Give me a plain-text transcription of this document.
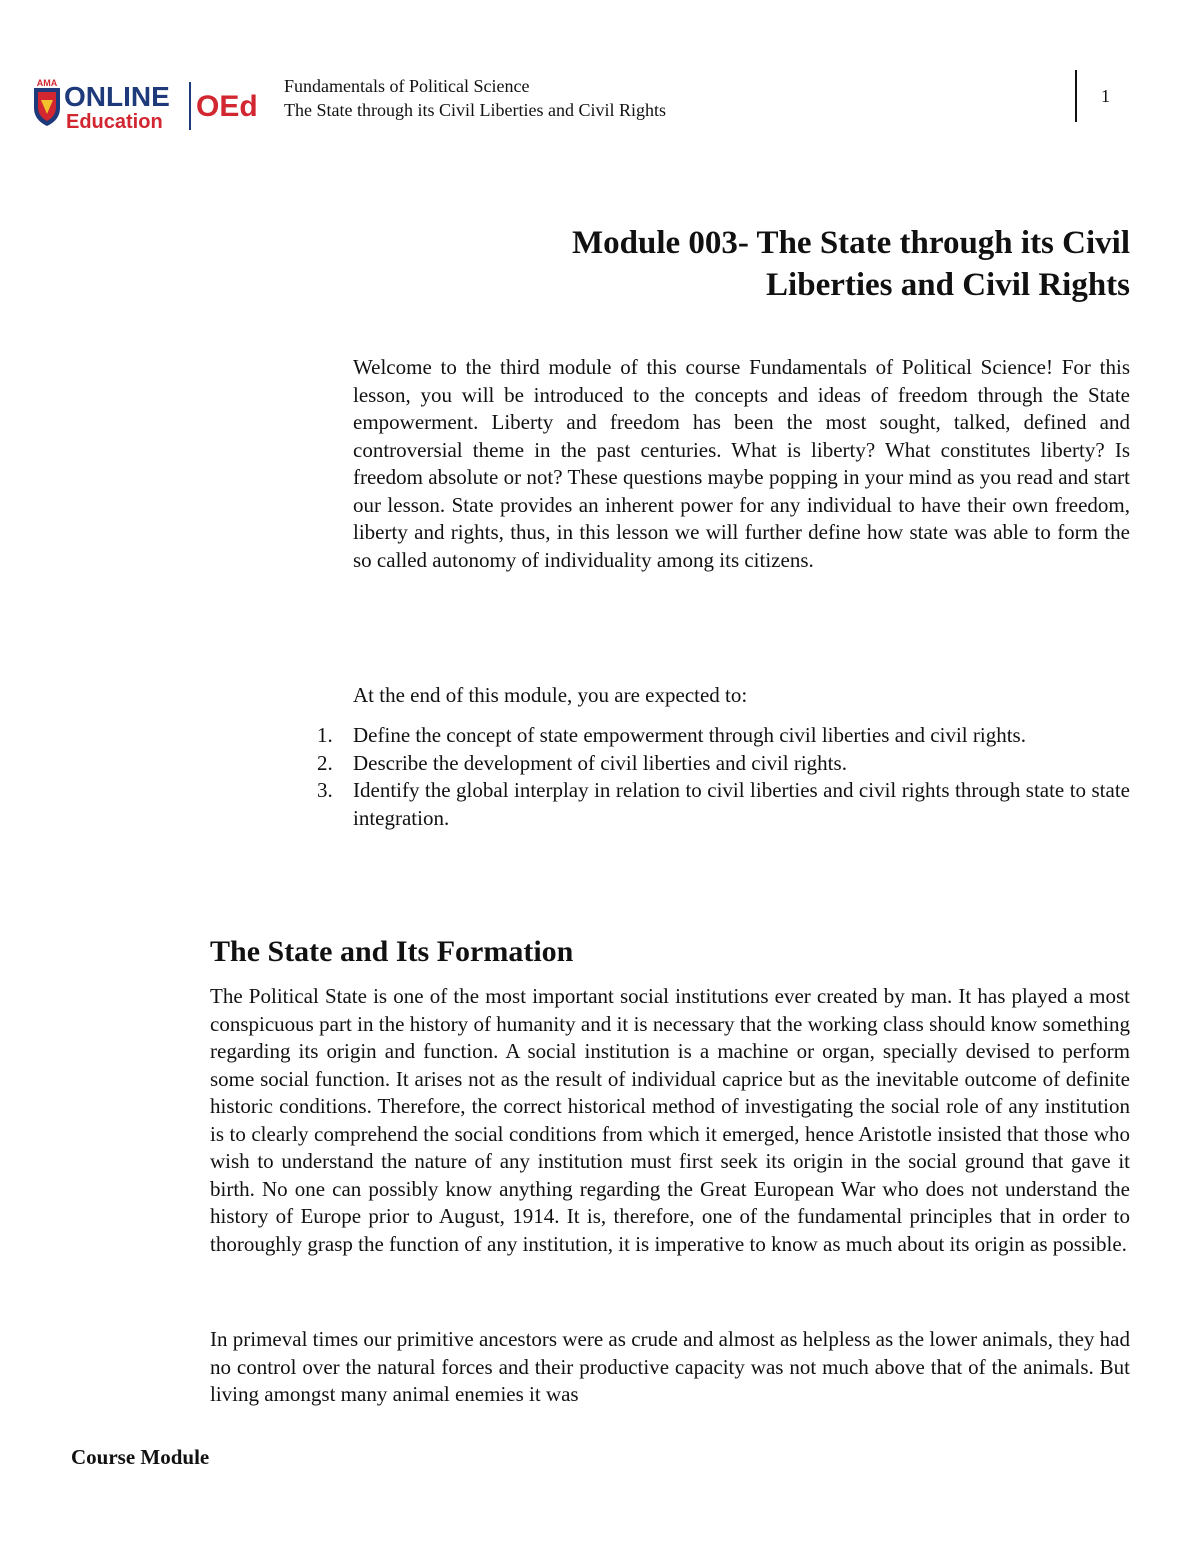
AMA ONLINE
Education OEd
Fundamentals of Political Science
The State through its Civil Liberties and Civil Rights
1
Module 003- The State through its Civil
Liberties and Civil Rights

Welcome to the third module of this course Fundamentals of Political Science! For this lesson, you will be introduced to the concepts and ideas of freedom through the State empowerment. Liberty and freedom has been the most sought, talked, defined and controversial theme in the past centuries. What is liberty? What constitutes liberty? Is freedom absolute or not? These questions maybe popping in your mind as you read and start our lesson. State provides an inherent power for any individual to have their own freedom, liberty and rights, thus, in this lesson we will further define how state was able to form the so called autonomy of individuality among its citizens.

At the end of this module, you are expected to:

1. Define the concept of state empowerment through civil liberties and civil rights.
2. Describe the development of civil liberties and civil rights.
3. Identify the global interplay in relation to civil liberties and civil rights through state to state integration.
The State and Its Formation

The Political State is one of the most important social institutions ever created by man. It has played a most conspicuous part in the history of humanity and it is necessary that the working class should know something regarding its origin and function. A social institution is a machine or organ, specially devised to perform some social function. It arises not as the result of individual caprice but as the inevitable outcome of definite historic conditions. Therefore, the correct historical method of investigating the social role of any institution is to clearly comprehend the social conditions from which it emerged, hence Aristotle insisted that those who wish to understand the nature of any institution must first seek its origin in the social ground that gave it birth. No one can possibly know anything regarding the Great European War who does not understand the history of Europe prior to August, 1914. It is, therefore, one of the fundamental principles that in order to thoroughly grasp the function of any institution, it is imperative to know as much about its origin as possible.

In primeval times our primitive ancestors were as crude and almost as helpless as the lower animals, they had no control over the natural forces and their productive capacity was not much above that of the animals. But living amongst many animal enemies it was

Course Module
